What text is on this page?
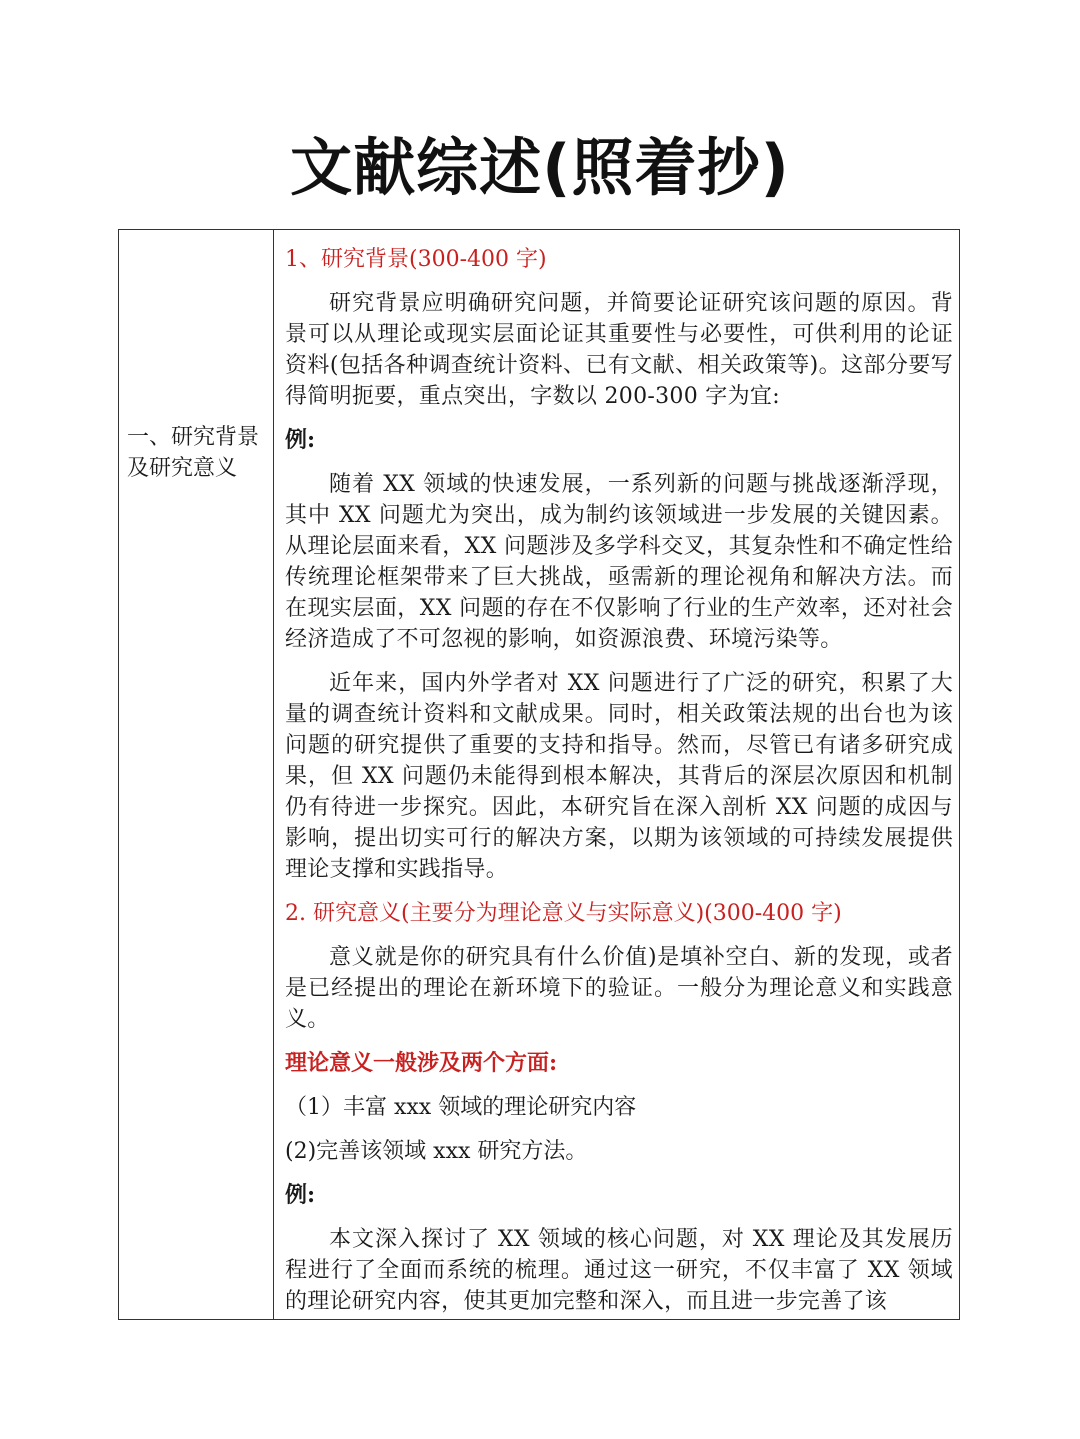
文献综述(照着抄)
一、研究背景及研究意义

1、研究背景(300-400 字)

研究背景应明确研究问题，并简要论证研究该问题的原因。背景可以从理论或现实层面论证其重要性与必要性，可供利用的论证资料(包括各种调查统计资料、已有文献、相关政策等)。这部分要写得简明扼要，重点突出，字数以 200-300 字为宜:

例:

随着 XX 领域的快速发展，一系列新的问题与挑战逐渐浮现，其中 XX 问题尤为突出，成为制约该领域进一步发展的关键因素。从理论层面来看，XX 问题涉及多学科交叉，其复杂性和不确定性给传统理论框架带来了巨大挑战，亟需新的理论视角和解决方法。而在现实层面，XX 问题的存在不仅影响了行业的生产效率，还对社会经济造成了不可忽视的影响，如资源浪费、环境污染等。

近年来，国内外学者对 XX 问题进行了广泛的研究，积累了大量的调查统计资料和文献成果。同时，相关政策法规的出台也为该问题的研究提供了重要的支持和指导。然而，尽管已有诸多研究成果，但 XX 问题仍未能得到根本解决，其背后的深层次原因和机制仍有待进一步探究。因此，本研究旨在深入剖析 XX 问题的成因与影响，提出切实可行的解决方案，以期为该领域的可持续发展提供理论支撑和实践指导。

2. 研究意义(主要分为理论意义与实际意义)(300-400 字)

意义就是你的研究具有什么价值)是填补空白、新的发现，或者是已经提出的理论在新环境下的验证。一般分为理论意义和实践意义。

理论意义一般涉及两个方面:

（1）丰富 xxx 领域的理论研究内容

(2)完善该领域 xxx 研究方法。

例:

本文深入探讨了 XX 领域的核心问题，对 XX 理论及其发展历程进行了全面而系统的梳理。通过这一研究，不仅丰富了 XX 领域的理论研究内容，使其更加完整和深入，而且进一步完善了该
